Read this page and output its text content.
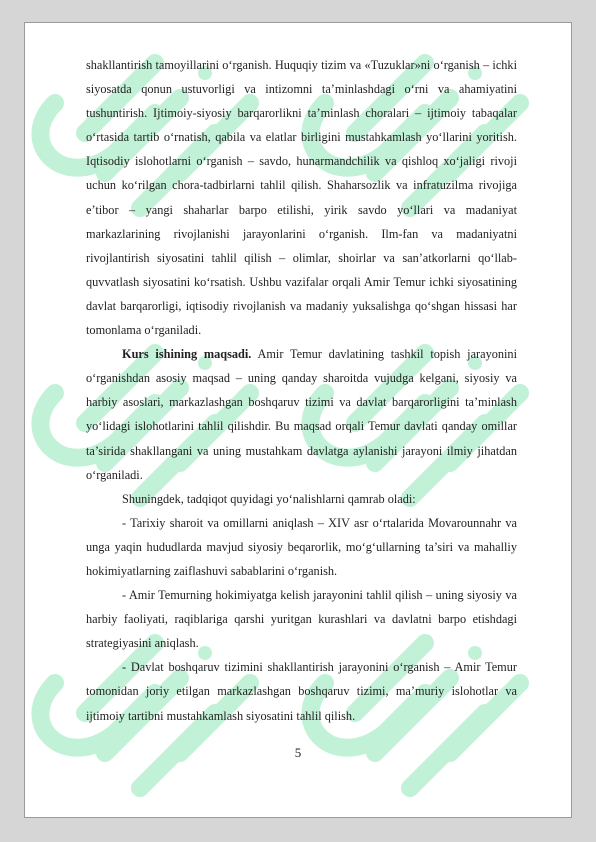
shakllantirish tamoyillarini o‘rganish. Huquqiy tizim va «Tuzuklar»ni o‘rganish – ichki siyosatda qonun ustuvorligi va intizomni ta’minlashdagi o‘rni va ahamiyatini tushuntirish. Ijtimoiy-siyosiy barqarorlikni ta’minlash choralari – ijtimoiy tabaqalar o‘rtasida tartib o‘rnatish, qabila va elatlar birligini mustahkamlash yo‘llarini yoritish. Iqtisodiy islohotlarni o‘rganish – savdo, hunarmandchilik va qishloq xo‘jaligi rivoji uchun ko‘rilgan chora-tadbirlarni tahlil qilish. Shaharsozlik va infratuzilma rivojiga e’tibor – yangi shaharlar barpo etilishi, yirik savdo yo‘llari va madaniyat markazlarining rivojlanishi jarayonlarini o‘rganish. Ilm-fan va madaniyatni rivojlantirish siyosatini tahlil qilish – olimlar, shoirlar va san’atkorlarni qo‘llab-quvvatlash siyosatini ko‘rsatish. Ushbu vazifalar orqali Amir Temur ichki siyosatining davlat barqarorligi, iqtisodiy rivojlanish va madaniy yuksalishga qo‘shgan hissasi har tomonlama o‘rganiladi.

Kurs ishining maqsadi. Amir Temur davlatining tashkil topish jarayonini o‘rganishdan asosiy maqsad – uning qanday sharoitda vujudga kelgani, siyosiy va harbiy asoslari, markazlashgan boshqaruv tizimi va davlat barqarorligini ta’minlash yo‘lidagi islohotlarini tahlil qilishdir. Bu maqsad orqali Temur davlati qanday omillar ta’sirida shakllangani va uning mustahkam davlatga aylanishi jarayoni ilmiy jihatdan o‘rganiladi.

Shuningdek, tadqiqot quyidagi yo‘nalishlarni qamrab oladi:

- Tarixiy sharoit va omillarni aniqlash – XIV asr o‘rtalarida Movarounnahr va unga yaqin hududlarda mavjud siyosiy beqarorlik, mo‘g‘ullarning ta’siri va mahalliy hokimiyatlarning zaiflashuvi sabablarini o‘rganish.

- Amir Temurning hokimiyatga kelish jarayonini tahlil qilish – uning siyosiy va harbiy faoliyati, raqiblariga qarshi yuritgan kurashlari va davlatni barpo etishdagi strategiyasini aniqlash.

- Davlat boshqaruv tizimini shakllantirish jarayonini o‘rganish – Amir Temur tomonidan joriy etilgan markazlashgan boshqaruv tizimi, ma’muriy islohotlar va ijtimoiy tartibni mustahkamlash siyosatini tahlil qilish.

5
